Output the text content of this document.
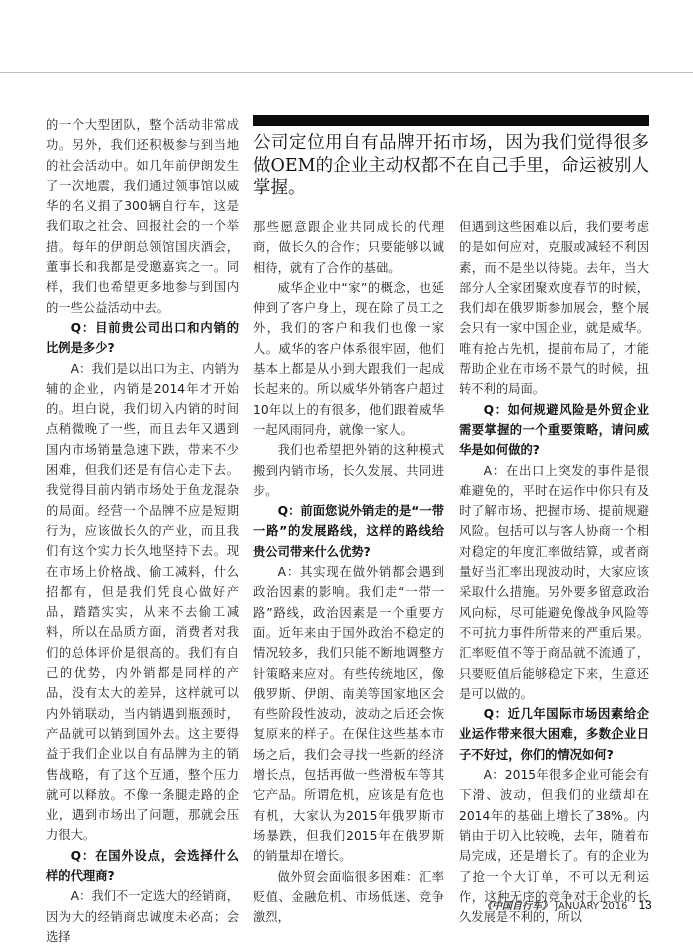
的一个大型团队，整个活动非常成功。另外，我们还积极参与到当地的社会活动中。如几年前伊朗发生了一次地震，我们通过领事馆以威华的名义捐了300辆自行车，这是我们取之社会、回报社会的一个举措。每年的伊朗总领馆国庆酒会，董事长和我都是受邀嘉宾之一。同样，我们也希望更多地参与到国内的一些公益活动中去。

Q：目前贵公司出口和内销的比例是多少?

A：我们是以出口为主、内销为辅的企业，内销是2014年才开始的。坦白说，我们切入内销的时间点稍微晚了一些，而且去年又遇到国内市场销量急速下跌，带来不少困难，但我们还是有信心走下去。我觉得目前内销市场处于鱼龙混杂的局面。经营一个品牌不应是短期行为，应该做长久的产业，而且我们有这个实力长久地坚持下去。现在市场上价格战、偷工减料，什么招都有，但是我们凭良心做好产品，踏踏实实，从来不去偷工减料，所以在品质方面，消费者对我们的总体评价是很高的。我们有自己的优势，内外销都是同样的产品，没有太大的差异，这样就可以内外销联动，当内销遇到瓶颈时，产品就可以销到国外去。这主要得益于我们企业以自有品牌为主的销售战略，有了这个互通，整个压力就可以释放。不像一条腿走路的企业，遇到市场出了问题，那就会压力很大。

Q：在国外设点，会选择什么样的代理商?

A：我们不一定选大的经销商，因为大的经销商忠诚度未必高；会选择

公司定位用自有品牌开拓市场，因为我们觉得很多做OEM的企业主动权都不在自己手里，命运被别人掌握。

那些愿意跟企业共同成长的代理商，做长久的合作；只要能够以诚相待，就有了合作的基础。

威华企业中“家”的概念，也延伸到了客户身上，现在除了员工之外，我们的客户和我们也像一家人。威华的客户体系很牢固，他们基本上都是从小到大跟我们一起成长起来的。所以威华外销客户超过10年以上的有很多，他们跟着威华一起风雨同舟，就像一家人。

我们也希望把外销的这种模式搬到内销市场，长久发展、共同进步。

Q：前面您说外销走的是“一带一路”的发展路线，这样的路线给贵公司带来什么优势?

A：其实现在做外销都会遇到政治因素的影响。我们走“一带一路”路线，政治因素是一个重要方面。近年来由于国外政治不稳定的情况较多，我们只能不断地调整方针策略来应对。有些传统地区，像俄罗斯、伊朗、南美等国家地区会有些阶段性波动，波动之后还会恢复原来的样子。在保住这些基本市场之后，我们会寻找一些新的经济增长点，包括再做一些滑板车等其它产品。所谓危机，应该是有危也有机，大家认为2015年俄罗斯市场暴跌，但我们2015年在俄罗斯的销量却在增长。

做外贸会面临很多困难：汇率贬值、金融危机、市场低迷、竞争激烈，

但遇到这些困难以后，我们要考虑的是如何应对，克服或减轻不利因素，而不是坐以待毙。去年，当大部分人全家团聚欢度春节的时候，我们却在俄罗斯参加展会，整个展会只有一家中国企业，就是威华。唯有抢占先机，提前布局了，才能帮助企业在市场不景气的时候，扭转不利的局面。

Q：如何规避风险是外贸企业需要掌握的一个重要策略，请问威华是如何做的?

A：在出口上突发的事件是很难避免的，平时在运作中你只有及时了解市场、把握市场、提前规避风险。包括可以与客人协商一个相对稳定的年度汇率做结算，或者商量好当汇率出现波动时，大家应该采取什么措施。另外要多留意政治风向标，尽可能避免像战争风险等不可抗力事件所带来的严重后果。汇率贬值不等于商品就不流通了，只要贬值后能够稳定下来，生意还是可以做的。

Q：近几年国际市场因素给企业运作带来很大困难，多数企业日子不好过，你们的情况如何?

A：2015年很多企业可能会有下滑、波动，但我们的业绩却在2014年的基础上增长了38%。内销由于切入比较晚，去年，随着布局完成，还是增长了。有的企业为了抢一个大订单，不可以无利运作，这种无序的竞争对于企业的长久发展是不利的，所以

《中国自行车》 JANUARY 2016 13
